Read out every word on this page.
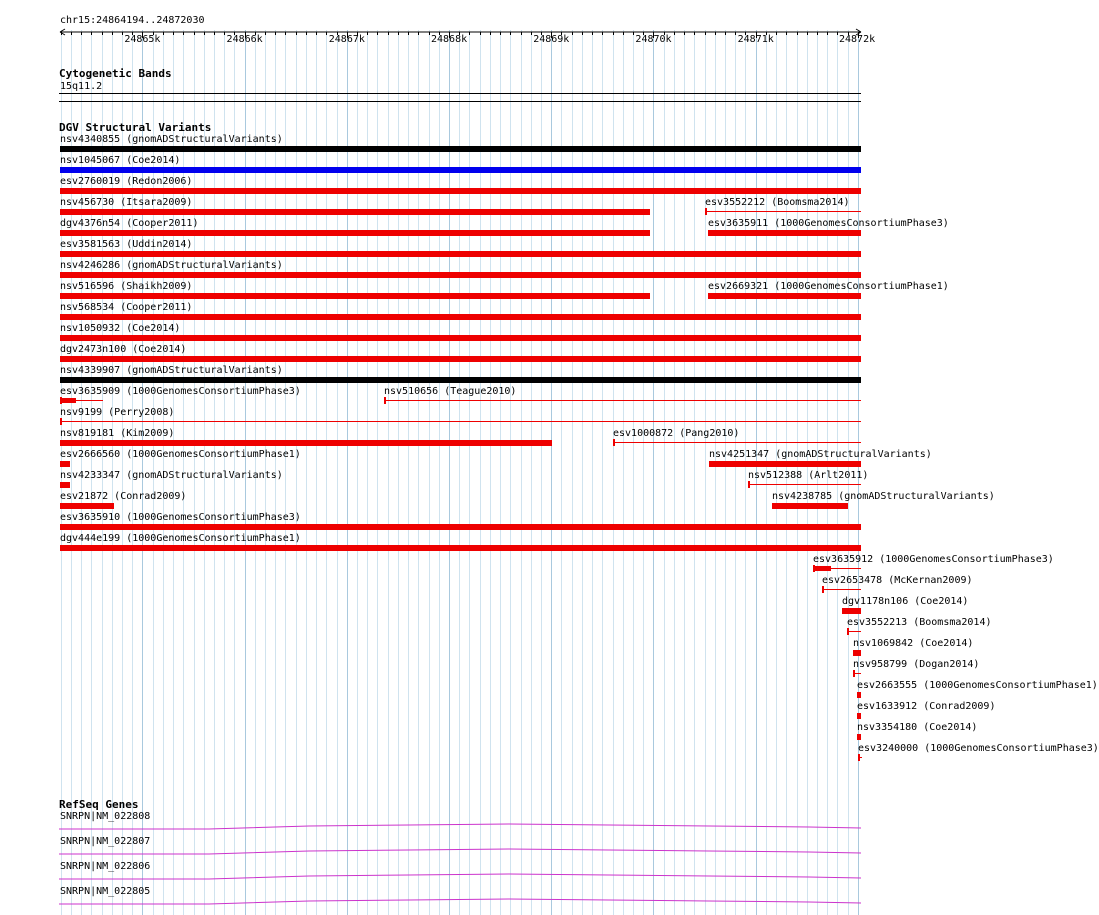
chr15:24864194..24872030
24865k	24866k	24867k	24868k	24869k	24870k	24871k	24872k
Cytogenetic Bands
15q11.2
DGV Structural Variants
nsv4340855 (gnomADStructuralVariants)
nsv1045067 (Coe2014)
esv2760019 (Redon2006)
nsv456730 (Itsara2009)	esv3552212 (Boomsma2014)
dgv4376n54 (Cooper2011)	esv3635911 (1000GenomesConsortiumPhase3)
esv3581563 (Uddin2014)
nsv4246286 (gnomADStructuralVariants)
nsv516596 (Shaikh2009)	esv2669321 (1000GenomesConsortiumPhase1)
nsv568534 (Cooper2011)
nsv1050932 (Coe2014)
dgv2473n100 (Coe2014)
nsv4339907 (gnomADStructuralVariants)
esv3635909 (1000GenomesConsortiumPhase3)	nsv510656 (Teague2010)
nsv9199 (Perry2008)
nsv819181 (Kim2009)	esv1000872 (Pang2010)
esv2666560 (1000GenomesConsortiumPhase1)	nsv4251347 (gnomADStructuralVariants)
nsv4233347 (gnomADStructuralVariants)	nsv512388 (Arlt2011)
esv21872 (Conrad2009)	nsv4238785 (gnomADStructuralVariants)
esv3635910 (1000GenomesConsortiumPhase3)
dgv444e199 (1000GenomesConsortiumPhase1)
esv3635912 (1000GenomesConsortiumPhase3)
esv2653478 (McKernan2009)
dgv1178n106 (Coe2014)
esv3552213 (Boomsma2014)
nsv1069842 (Coe2014)
nsv958799 (Dogan2014)
esv2663555 (1000GenomesConsortiumPhase1)
esv1633912 (Conrad2009)
nsv3354180 (Coe2014)
esv3240000 (1000GenomesConsortiumPhase3)
RefSeq Genes
SNRPN|NM_022808
SNRPN|NM_022807
SNRPN|NM_022806
SNRPN|NM_022805
